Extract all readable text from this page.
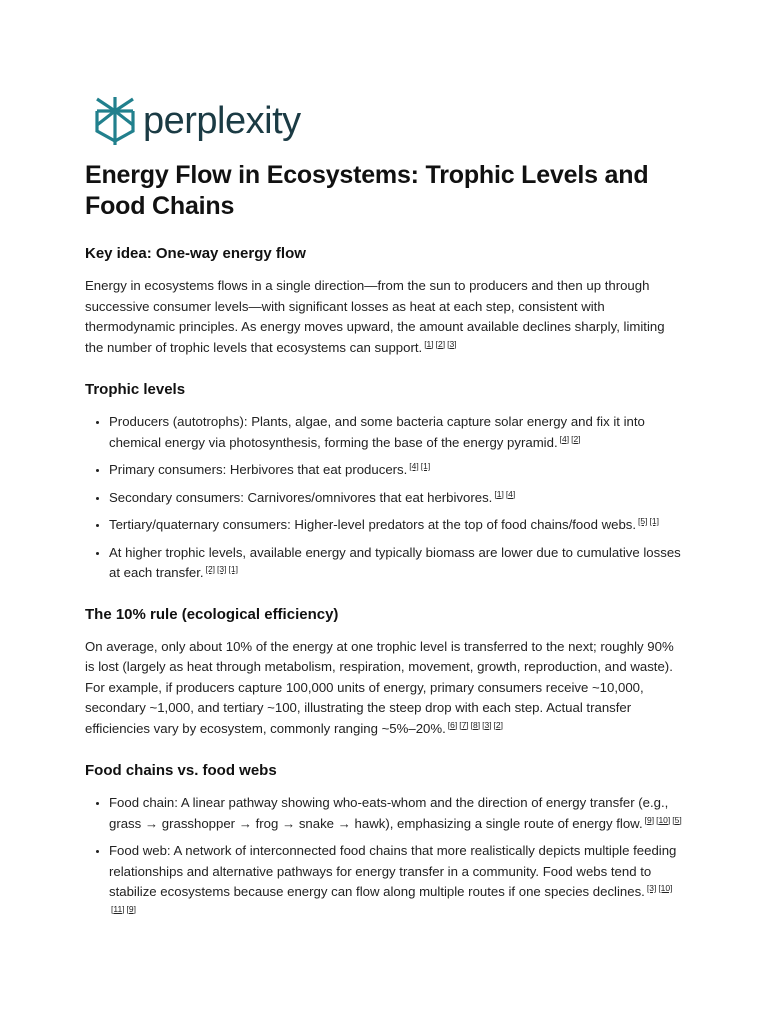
perplexity
Energy Flow in Ecosystems: Trophic Levels and Food Chains
Key idea: One-way energy flow

Energy in ecosystems flows in a single direction—from the sun to producers and then up through successive consumer levels—with significant losses as heat at each step, consistent with thermodynamic principles. As energy moves upward, the amount available declines sharply, limiting the number of trophic levels that ecosystems can support. [1] [2] [3]

Trophic levels
• Producers (autotrophs): Plants, algae, and some bacteria capture solar energy and fix it into chemical energy via photosynthesis, forming the base of the energy pyramid. [4] [2]
• Primary consumers: Herbivores that eat producers. [4] [1]
• Secondary consumers: Carnivores/omnivores that eat herbivores. [1] [4]
• Tertiary/quaternary consumers: Higher-level predators at the top of food chains/food webs. [5] [1]
• At higher trophic levels, available energy and typically biomass are lower due to cumulative losses at each transfer. [2] [3] [1]
The 10% rule (ecological efficiency)

On average, only about 10% of the energy at one trophic level is transferred to the next; roughly 90% is lost (largely as heat through metabolism, respiration, movement, growth, reproduction, and waste). For example, if producers capture 100,000 units of energy, primary consumers receive ~10,000, secondary ~1,000, and tertiary ~100, illustrating the steep drop with each step. Actual transfer efficiencies vary by ecosystem, commonly ranging ~5%–20%. [6] [7] [8] [3] [2]

Food chains vs. food webs
• Food chain: A linear pathway showing who-eats-whom and the direction of energy transfer (e.g., grass → grasshopper → frog → snake → hawk), emphasizing a single route of energy flow. [9] [10] [5]
• Food web: A network of interconnected food chains that more realistically depicts multiple feeding relationships and alternative pathways for energy transfer in a community. Food webs tend to stabilize ecosystems because energy can flow along multiple routes if one species declines. [3] [10][11] [9]
